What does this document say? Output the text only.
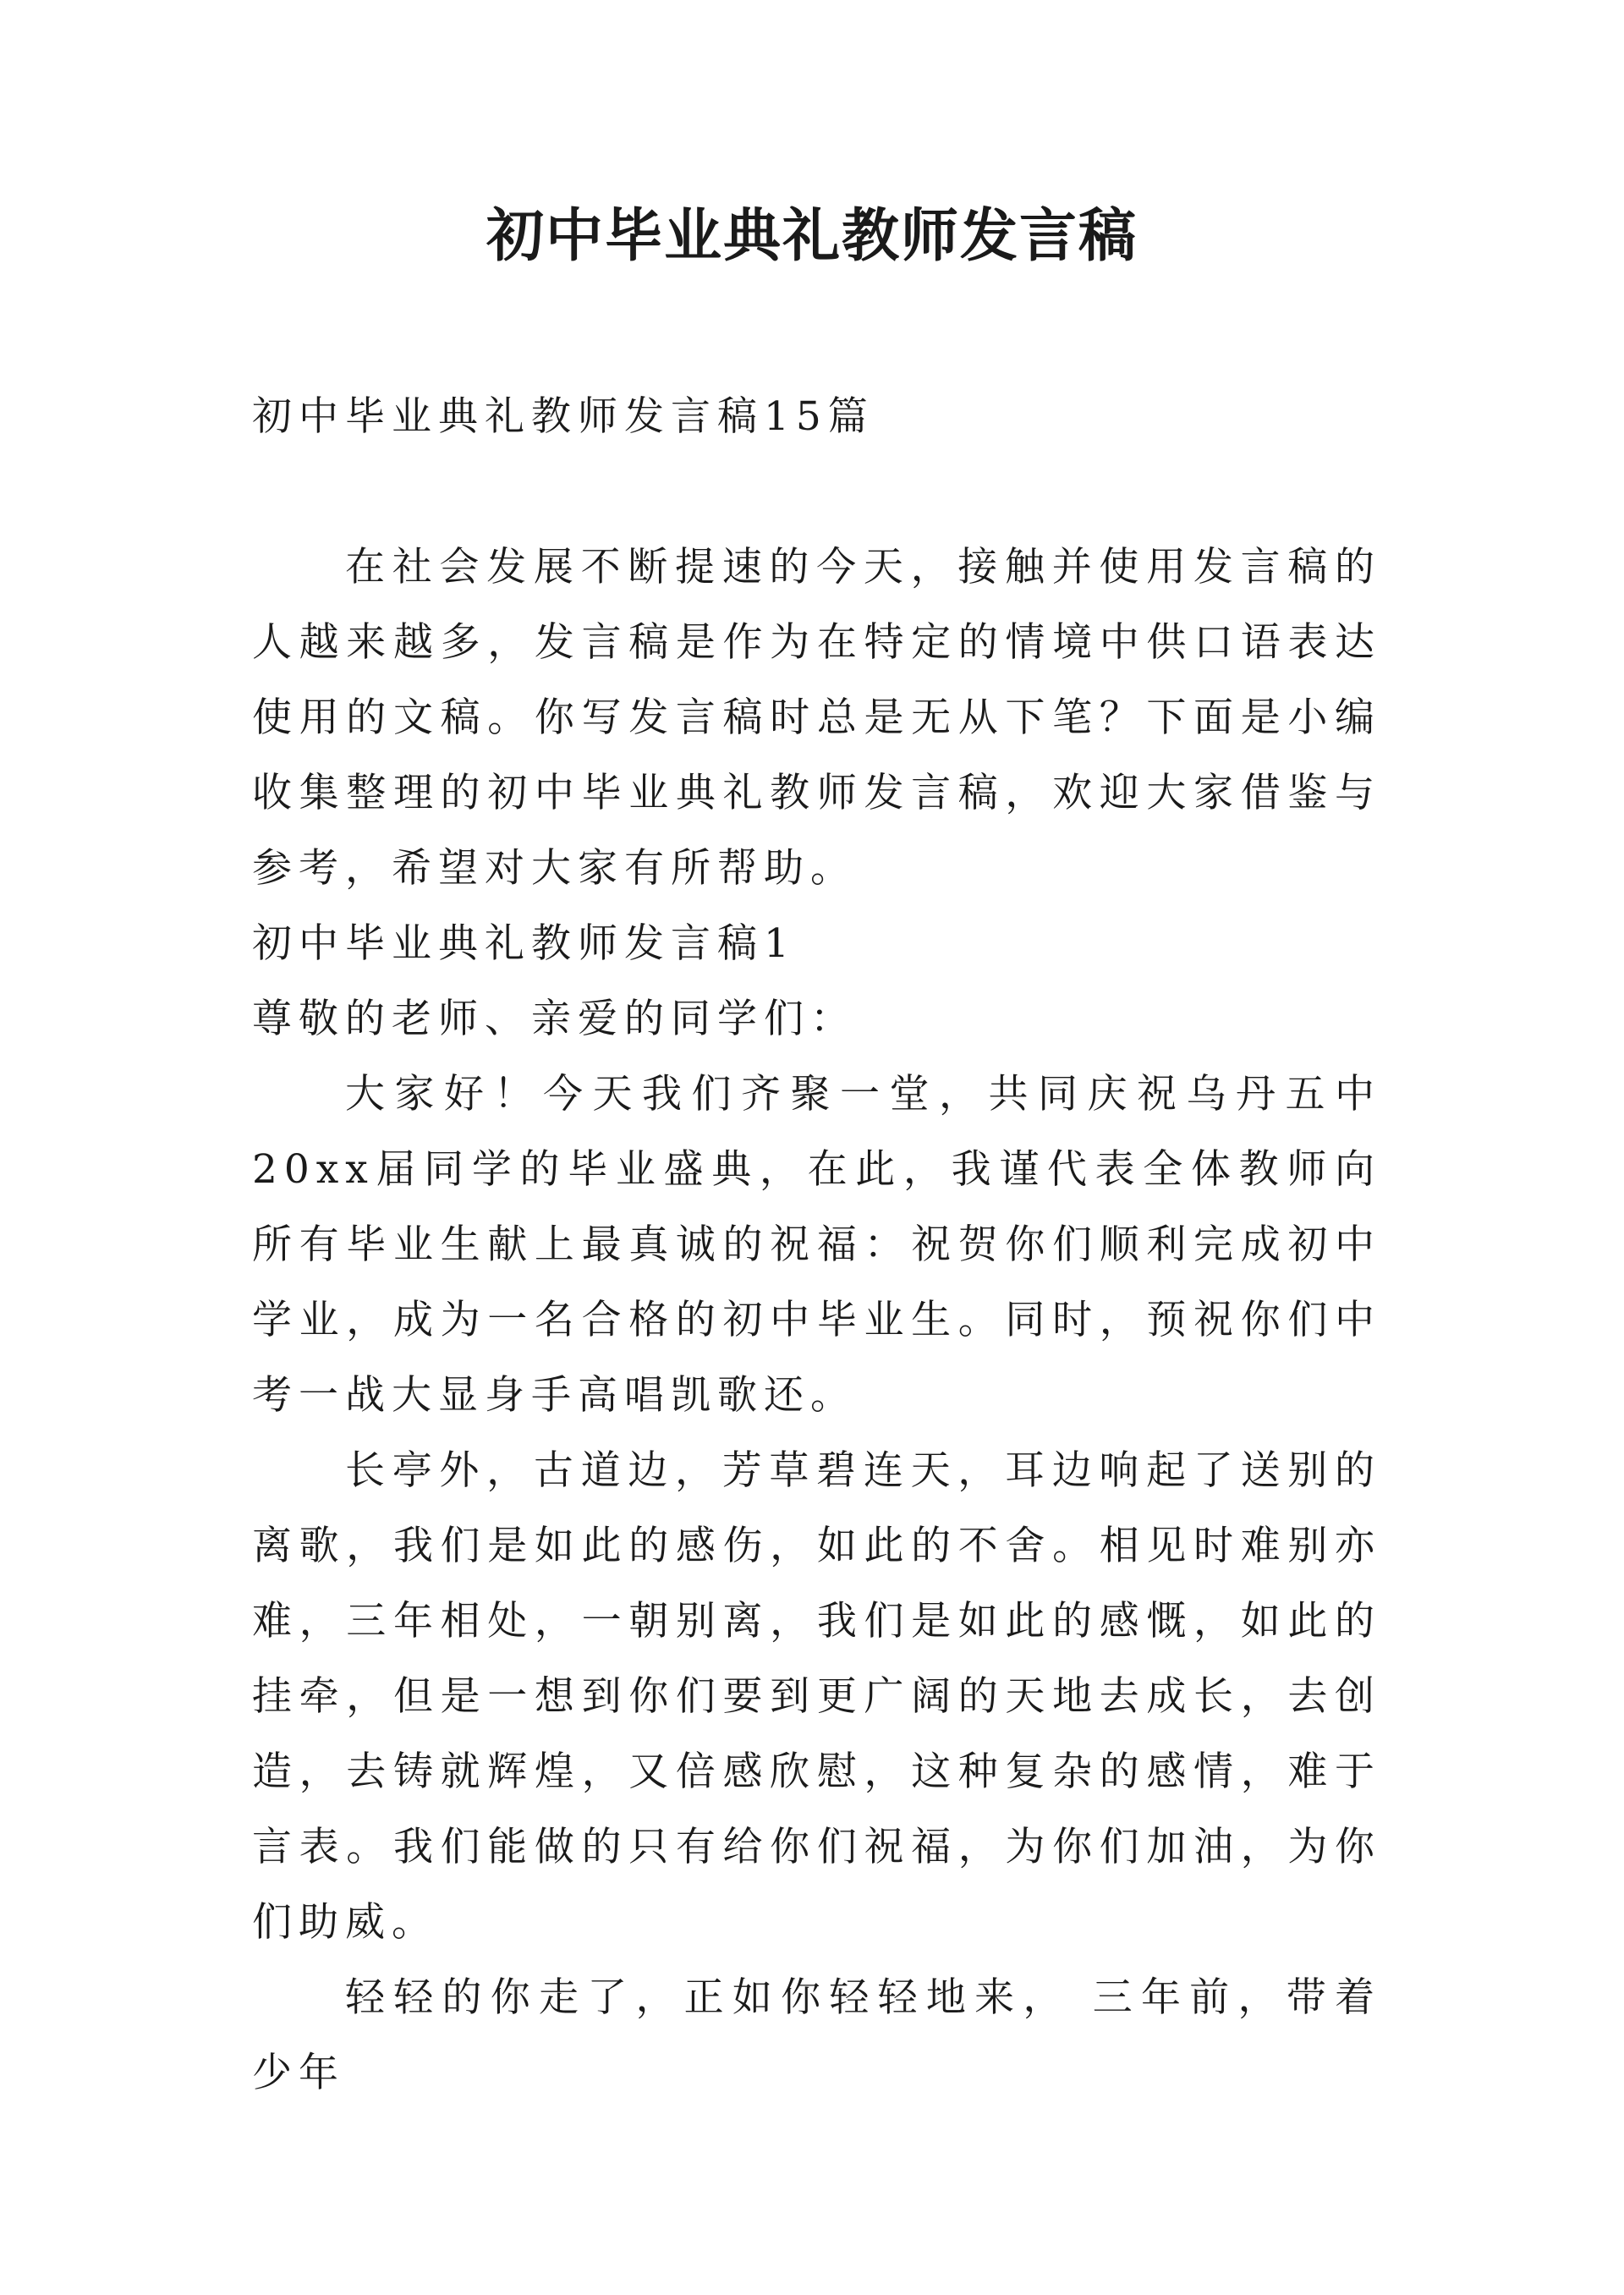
初中毕业典礼教师发言稿

初中毕业典礼教师发言稿15篇

在社会发展不断提速的今天，接触并使用发言稿的人越来越多，发言稿是作为在特定的情境中供口语表达使用的文稿。你写发言稿时总是无从下笔？下面是小编收集整理的初中毕业典礼教师发言稿，欢迎大家借鉴与参考，希望对大家有所帮助。

初中毕业典礼教师发言稿1

尊敬的老师、亲爱的同学们：

大家好！今天我们齐聚一堂，共同庆祝乌丹五中20xx届同学的毕业盛典，在此，我谨代表全体教师向所有毕业生献上最真诚的祝福：祝贺你们顺利完成初中学业，成为一名合格的初中毕业生。同时，预祝你们中考一战大显身手高唱凯歌还。

长亭外，古道边，芳草碧连天，耳边响起了送别的离歌，我们是如此的感伤，如此的不舍。相见时难别亦难，三年相处，一朝别离，我们是如此的感慨，如此的挂牵，但是一想到你们要到更广阔的天地去成长，去创造，去铸就辉煌，又倍感欣慰，这种复杂的感情，难于言表。我们能做的只有给你们祝福，为你们加油，为你们助威。

轻轻的你走了，正如你轻轻地来， 三年前，带着少年
